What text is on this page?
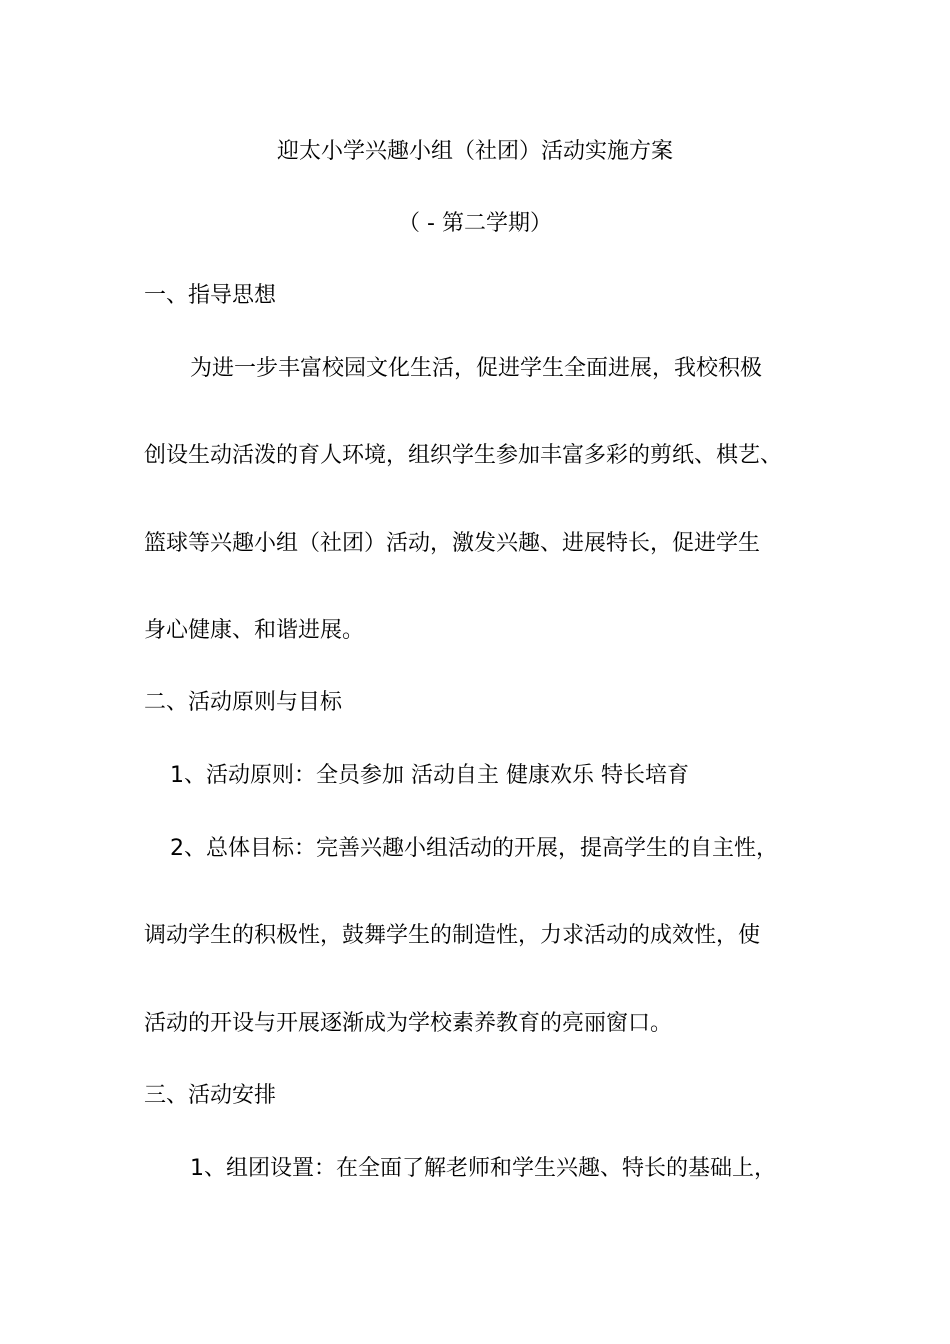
迎太小学兴趣小组（社团）活动实施方案
（ - 第二学期）
一、指导思想
为进一步丰富校园文化生活，促进学生全面进展，我校积极
创设生动活泼的育人环境，组织学生参加丰富多彩的剪纸、棋艺、
篮球等兴趣小组（社团）活动，激发兴趣、进展特长，促进学生
身心健康、和谐进展。
二、活动原则与目标
1、活动原则：全员参加 活动自主 健康欢乐 特长培育
2、总体目标：完善兴趣小组活动的开展，提高学生的自主性，
调动学生的积极性，鼓舞学生的制造性，力求活动的成效性，使
活动的开设与开展逐渐成为学校素养教育的亮丽窗口。
三、活动安排
1、组团设置：在全面了解老师和学生兴趣、特长的基础上，
